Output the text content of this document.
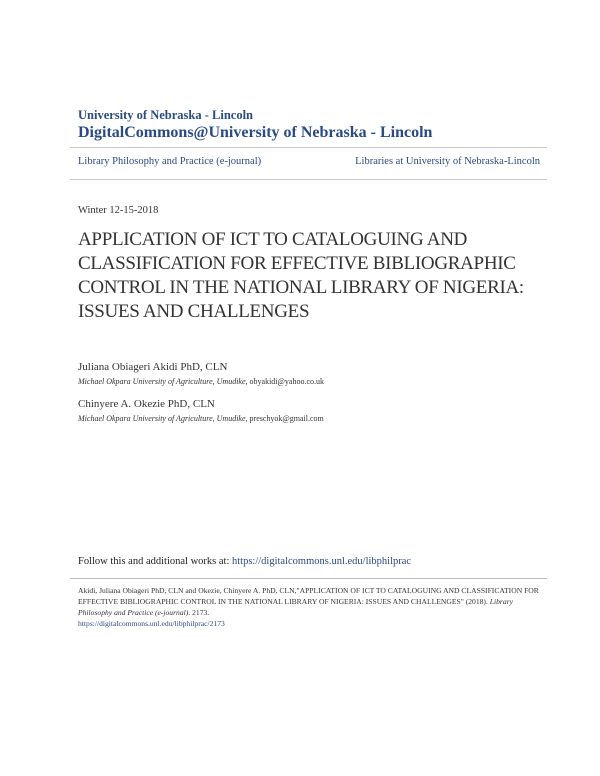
University of Nebraska - Lincoln
DigitalCommons@University of Nebraska - Lincoln
Library Philosophy and Practice (e-journal)	Libraries at University of Nebraska-Lincoln
Winter 12-15-2018
APPLICATION OF ICT TO CATALOGUING AND CLASSIFICATION FOR EFFECTIVE BIBLIOGRAPHIC CONTROL IN THE NATIONAL LIBRARY OF NIGERIA: ISSUES AND CHALLENGES
Juliana Obiageri Akidi PhD, CLN
Michael Okpara University of Agriculture, Umudike, obyakidi@yahoo.co.uk
Chinyere A. Okezie PhD, CLN
Michael Okpara University of Agriculture, Umudike, preschyok@gmail.com
Follow this and additional works at: https://digitalcommons.unl.edu/libphilprac
Akidi, Juliana Obiageri PhD, CLN and Okezie, Chinyere A. PhD, CLN,"APPLICATION OF ICT TO CATALOGUING AND CLASSIFICATION FOR EFFECTIVE BIBLIOGRAPHIC CONTROL IN THE NATIONAL LIBRARY OF NIGERIA: ISSUES AND CHALLENGES" (2018). Library Philosophy and Practice (e-journal). 2173.
https://digitalcommons.unl.edu/libphilprac/2173
